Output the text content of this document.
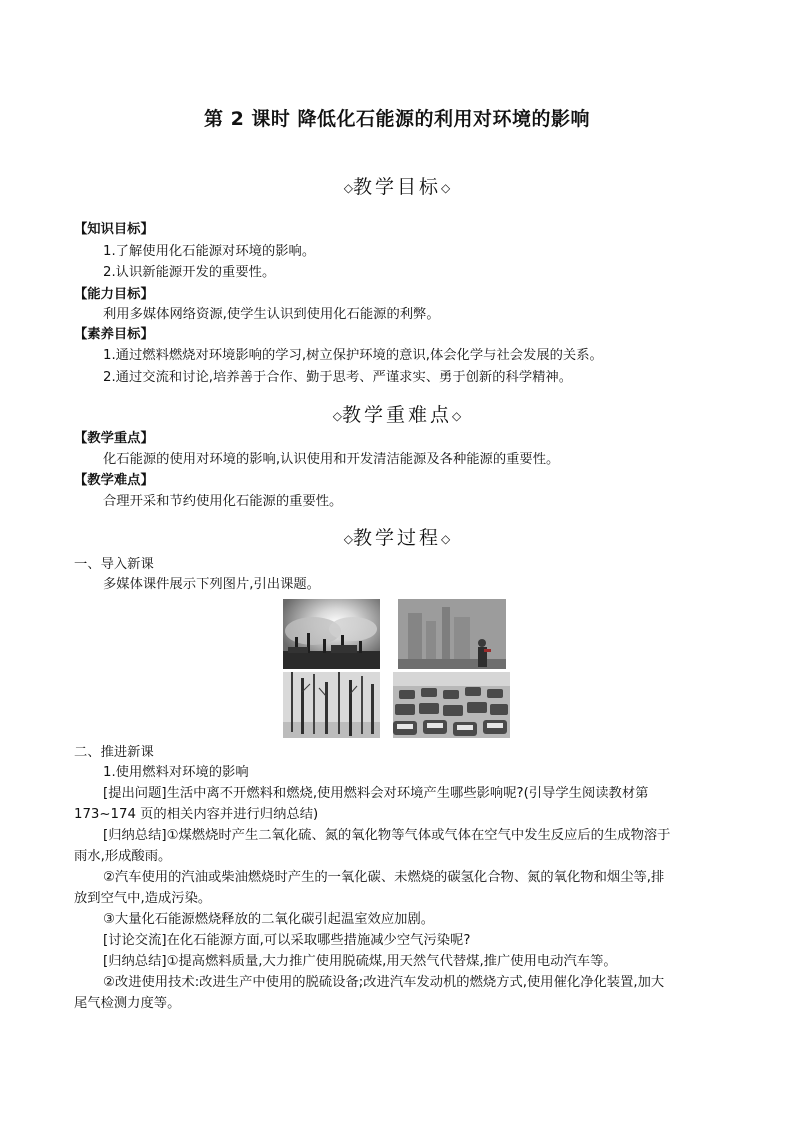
第 2 课时 降低化石能源的利用对环境的影响
◇教学目标◇
【知识目标】
1.了解使用化石能源对环境的影响。
2.认识新能源开发的重要性。
【能力目标】
利用多媒体网络资源,使学生认识到使用化石能源的利弊。
【素养目标】
1.通过燃料燃烧对环境影响的学习,树立保护环境的意识,体会化学与社会发展的关系。
2.通过交流和讨论,培养善于合作、勤于思考、严谨求实、勇于创新的科学精神。
◇教学重难点◇
【教学重点】
化石能源的使用对环境的影响,认识使用和开发清洁能源及各种能源的重要性。
【教学难点】
合理开采和节约使用化石能源的重要性。
◇教学过程◇
一、导入新课
多媒体课件展示下列图片,引出课题。
二、推进新课
1.使用燃料对环境的影响
[提出问题]生活中离不开燃料和燃烧,使用燃料会对环境产生哪些影响呢?(引导学生阅读教材第
173~174 页的相关内容并进行归纳总结)
[归纳总结]①煤燃烧时产生二氧化硫、氮的氧化物等气体或气体在空气中发生反应后的生成物溶于
雨水,形成酸雨。
②汽车使用的汽油或柴油燃烧时产生的一氧化碳、未燃烧的碳氢化合物、氮的氧化物和烟尘等,排
放到空气中,造成污染。
③大量化石能源燃烧释放的二氧化碳引起温室效应加剧。
[讨论交流]在化石能源方面,可以采取哪些措施减少空气污染呢?
[归纳总结]①提高燃料质量,大力推广使用脱硫煤,用天然气代替煤,推广使用电动汽车等。
②改进使用技术:改进生产中使用的脱硫设备;改进汽车发动机的燃烧方式,使用催化净化装置,加大
尾气检测力度等。
